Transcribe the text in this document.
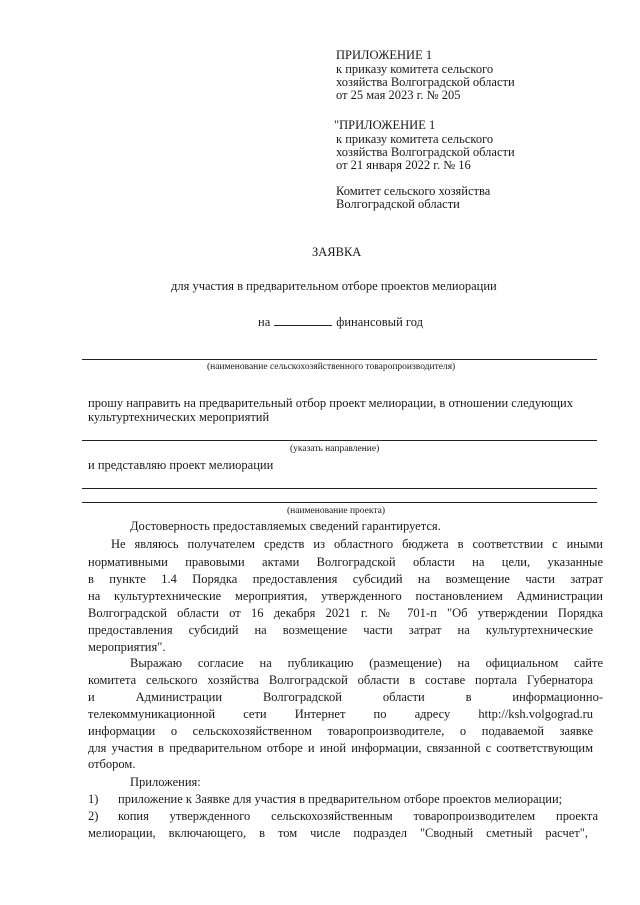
ПРИЛОЖЕНИЕ 1
к приказу комитета сельского
хозяйства Волгоградской области
от 25 мая 2023 г. № 205
"ПРИЛОЖЕНИЕ 1
к приказу комитета сельского
хозяйства Волгоградской области
от 21 января 2022 г. № 16
Комитет сельского хозяйства
Волгоградской области
ЗАЯВКА
для участия в предварительном отборе проектов мелиорации
на	финансовый год
(наименование сельскохозяйственного товаропроизводителя)
прошу направить на предварительный отбор проект мелиорации, в отношении следующих
культуртехнических мероприятий
(указать направление)
и представляю проект мелиорации
(наименование проекта)
Достоверность предоставляемых сведений гарантируется.
Не являюсь получателем средств из областного бюджета в соответствии с иными
нормативными правовыми актами Волгоградской области на цели, указанные
в пункте 1.4 Порядка предоставления субсидий на возмещение части затрат
на культуртехнические мероприятия, утвержденного постановлением Администрации
Волгоградской области от 16 декабря 2021 г. № 701-п "Об утверждении Порядка
предоставления субсидий на возмещение части затрат на культуртехнические
мероприятия".
Выражаю согласие на публикацию (размещение) на официальном сайте
комитета сельского хозяйства Волгоградской области в составе портала Губернатора
и Администрации Волгоградской области в информационно-
телекоммуникационной сети Интернет по адресу http://ksh.volgograd.ru
информации о сельскохозяйственном товаропроизводителе, о подаваемой заявке
для участия в предварительном отборе и иной информации, связанной с соответствующим
отбором.
Приложения:
1) приложение к Заявке для участия в предварительном отборе проектов мелиорации;
2) копия утвержденного сельскохозяйственным товаропроизводителем проекта
мелиорации, включающего, в том числе подраздел "Сводный сметный расчет",
